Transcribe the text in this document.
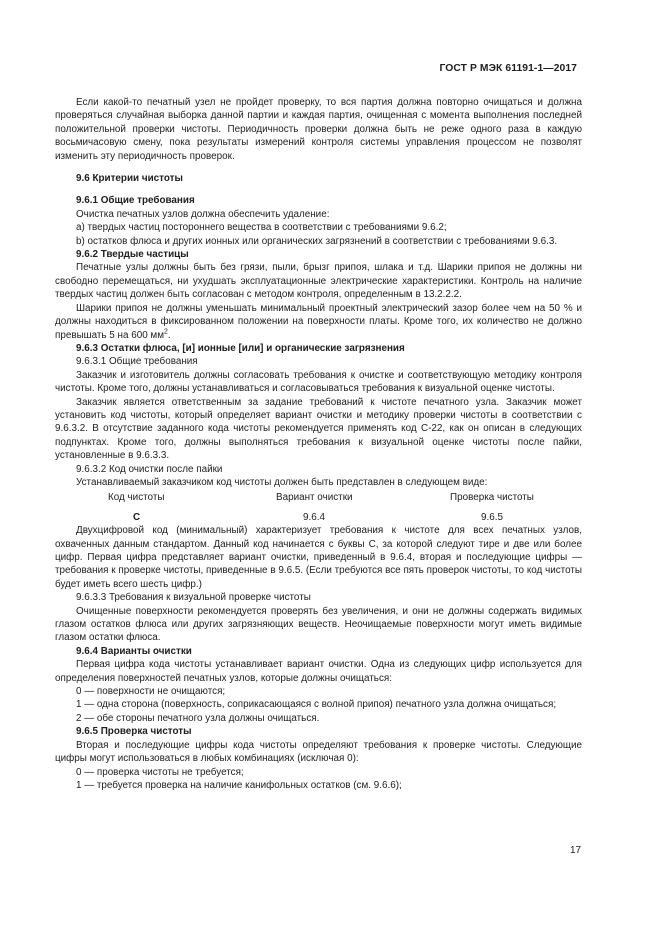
ГОСТ Р МЭК 61191-1—2017

Если какой-то печатный узел не пройдет проверку, то вся партия должна повторно очищаться и должна проверяться случайная выборка данной партии и каждая партия, очищенная с момента выполнения последней положительной проверки чистоты. Периодичность проверки должна быть не реже одного раза в каждую восьмичасовую смену, пока результаты измерений контроля системы управления процессом не позволят изменить эту периодичность проверок.

9.6 Критерии чистоты

9.6.1 Общие требования

Очистка печатных узлов должна обеспечить удаление:

а) твердых частиц постороннего вещества в соответствии с требованиями 9.6.2;

b) остатков флюса и других ионных или органических загрязнений в соответствии с требованиями 9.6.3.

9.6.2 Твердые частицы

Печатные узлы должны быть без грязи, пыли, брызг припоя, шлака и т.д. Шарики припоя не должны ни свободно перемещаться, ни ухудшать эксплуатационные электрические характеристики. Контроль на наличие твердых частиц должен быть согласован с методом контроля, определенным в 13.2.2.2.

Шарики припоя не должны уменьшать минимальный проектный электрический зазор более чем на 50 % и должны находиться в фиксированном положении на поверхности платы. Кроме того, их количество не должно превышать 5 на 600 $мм^2$.

9.6.3 Остатки флюса, [и] ионные [или] и органические загрязнения

9.6.3.1 Общие требования

Заказчик и изготовитель должны согласовать требования к очистке и соответствующую методику контроля чистоты. Кроме того, должны устанавливаться и согласовываться требования к визуальной оценке чистоты.

Заказчик является ответственным за задание требований к чистоте печатного узла. Заказчик может установить код чистоты, который определяет вариант очистки и методику проверки чистоты в соответствии с 9.6.3.2. В отсутствие заданного кода чистоты рекомендуется применять код С-22, как он описан в следующих подпунктах. Кроме того, должны выполняться требования к визуальной оценке чистоты после пайки, установленные в 9.6.3.3.

9.6.3.2 Код очистки после пайки

Устанавливаемый заказчиком код чистоты должен быть представлен в следующем виде:

Код чистоты	Вариант очистки	Проверка чистоты
С	9.6.4	9.6.5

Двухцифровой код (минимальный) характеризует требования к чистоте для всех печатных узлов, охваченных данным стандартом. Данный код начинается с буквы С, за которой следуют тире и две или более цифр. Первая цифра представляет вариант очистки, приведенный в 9.6.4, вторая и последующие цифры — требования к проверке чистоты, приведенные в 9.6.5. (Если требуются все пять проверок чистоты, то код чистоты будет иметь всего шесть цифр.)

9.6.3.3 Требования к визуальной проверке чистоты

Очищенные поверхности рекомендуется проверять без увеличения, и они не должны содержать видимых глазом остатков флюса или других загрязняющих веществ. Неочищаемые поверхности могут иметь видимые глазом остатки флюса.

9.6.4 Варианты очистки

Первая цифра кода чистоты устанавливает вариант очистки. Одна из следующих цифр используется для определения поверхностей печатных узлов, которые должны очищаться:

0 — поверхности не очищаются;

1 — одна сторона (поверхность, соприкасающаяся с волной припоя) печатного узла должна очищаться;

2 — обе стороны печатного узла должны очищаться.

9.6.5 Проверка чистоты

Вторая и последующие цифры кода чистоты определяют требования к проверке чистоты. Следующие цифры могут использоваться в любых комбинациях (исключая 0):

0 — проверка чистоты не требуется;

1 — требуется проверка на наличие канифольных остатков (см. 9.6.6);

17
